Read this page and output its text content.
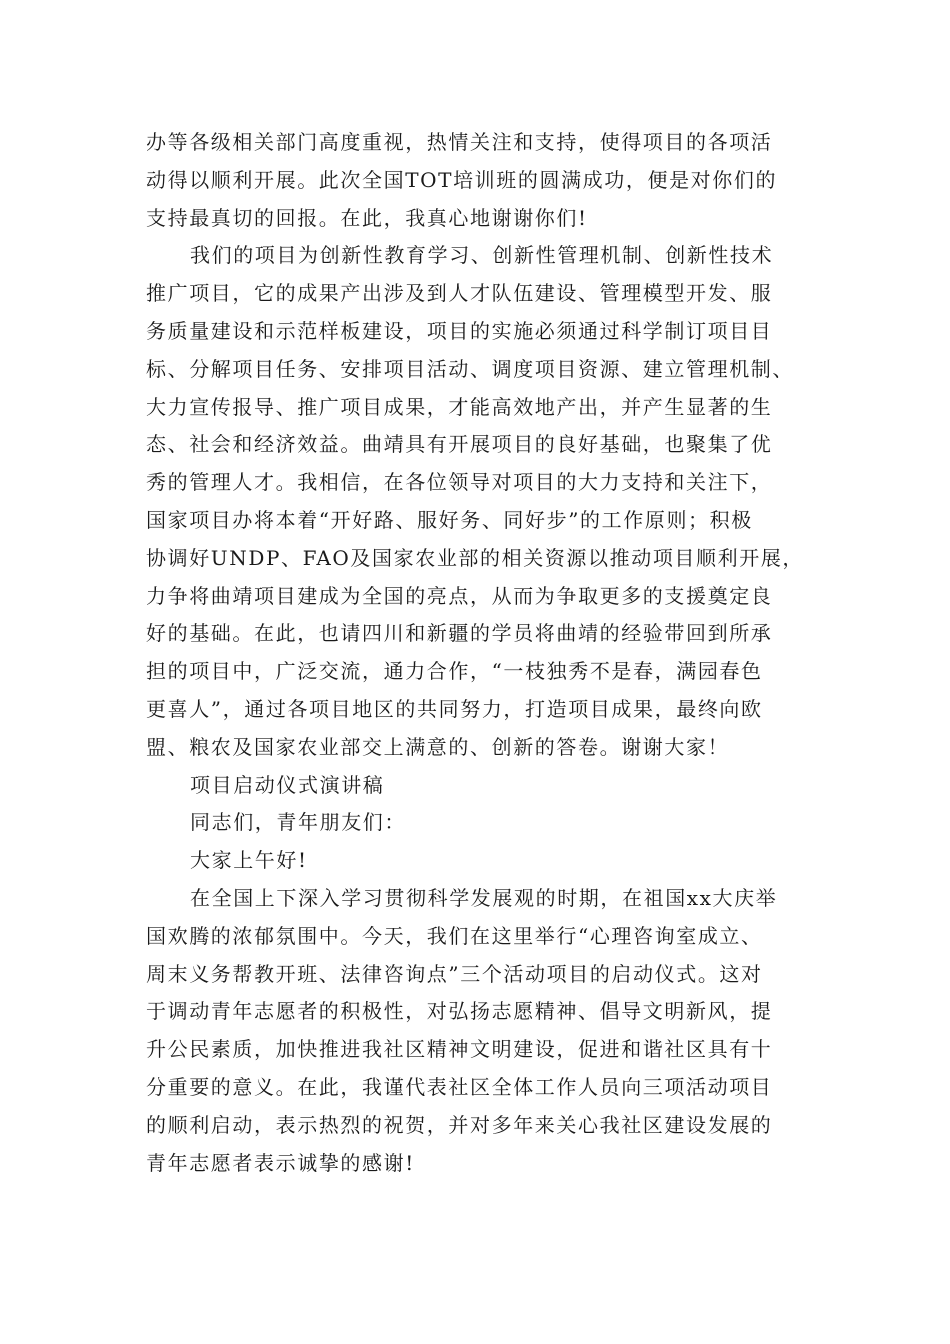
办等各级相关部门高度重视，热情关注和支持，使得项目的各项活
动得以顺利开展。此次全国TOT培训班的圆满成功，便是对你们的
支持最真切的回报。在此，我真心地谢谢你们!
我们的项目为创新性教育学习、创新性管理机制、创新性技术
推广项目，它的成果产出涉及到人才队伍建设、管理模型开发、服
务质量建设和示范样板建设，项目的实施必须通过科学制订项目目
标、分解项目任务、安排项目活动、调度项目资源、建立管理机制、
大力宣传报导、推广项目成果，才能高效地产出，并产生显著的生
态、社会和经济效益。曲靖具有开展项目的良好基础，也聚集了优
秀的管理人才。我相信，在各位领导对项目的大力支持和关注下，
国家项目办将本着“开好路、服好务、同好步”的工作原则；积极
协调好UNDP、FAO及国家农业部的相关资源以推动项目顺利开展，
力争将曲靖项目建成为全国的亮点，从而为争取更多的支援奠定良
好的基础。在此，也请四川和新疆的学员将曲靖的经验带回到所承
担的项目中，广泛交流，通力合作，“一枝独秀不是春，满园春色
更喜人”，通过各项目地区的共同努力，打造项目成果，最终向欧
盟、粮农及国家农业部交上满意的、创新的答卷。谢谢大家！
项目启动仪式演讲稿
同志们，青年朋友们：
大家上午好!
在全国上下深入学习贯彻科学发展观的时期，在祖国xx大庆举
国欢腾的浓郁氛围中。今天，我们在这里举行“心理咨询室成立、
周末义务帮教开班、法律咨询点”三个活动项目的启动仪式。这对
于调动青年志愿者的积极性，对弘扬志愿精神、倡导文明新风，提
升公民素质，加快推进我社区精神文明建设，促进和谐社区具有十
分重要的意义。在此，我谨代表社区全体工作人员向三项活动项目
的顺利启动，表示热烈的祝贺，并对多年来关心我社区建设发展的
青年志愿者表示诚挚的感谢!
